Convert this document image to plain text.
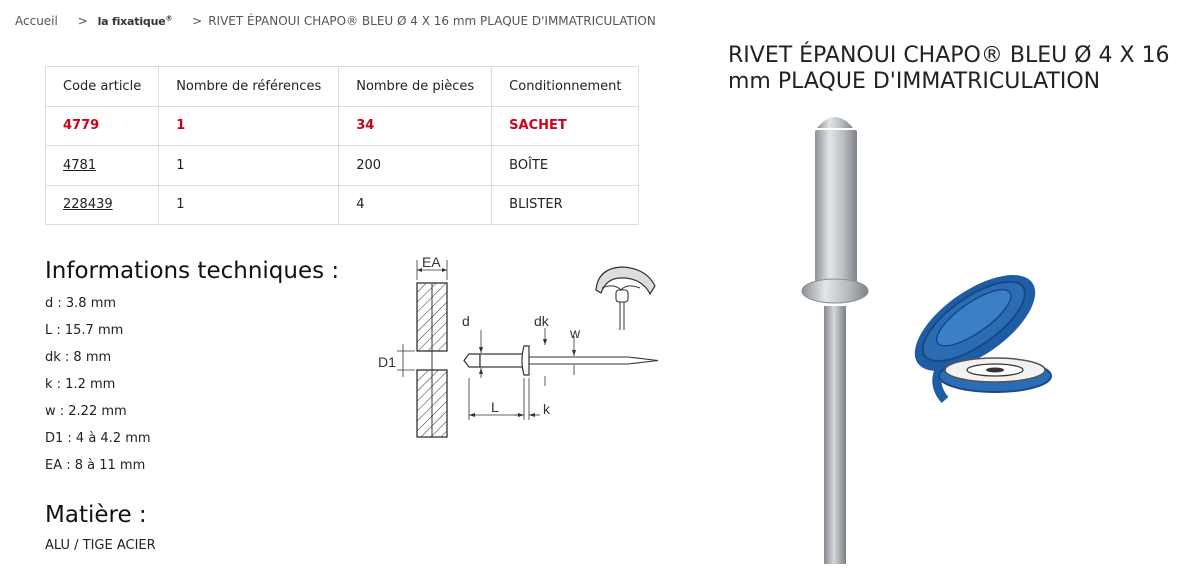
Accueil > la fixatique® > RIVET ÉPANOUI CHAPO® BLEU Ø 4 X 16 mm PLAQUE D'IMMATRICULATION
Code article	Nombre de références	Nombre de pièces	Conditionnement
4779	1	34	SACHET
4781	1	200	BOÎTE
228439	1	4	BLISTER
Informations techniques :
d : 3.8 mm
L : 15.7 mm
dk : 8 mm
k : 1.2 mm
w : 2.22 mm
D1 : 4 à 4.2 mm
EA : 8 à 11 mm
Matière :
ALU / TIGE ACIER
EA
D1
d	dk
w
L	k
RIVET ÉPANOUI CHAPO® BLEU Ø 4 X 16 mm PLAQUE D'IMMATRICULATION
